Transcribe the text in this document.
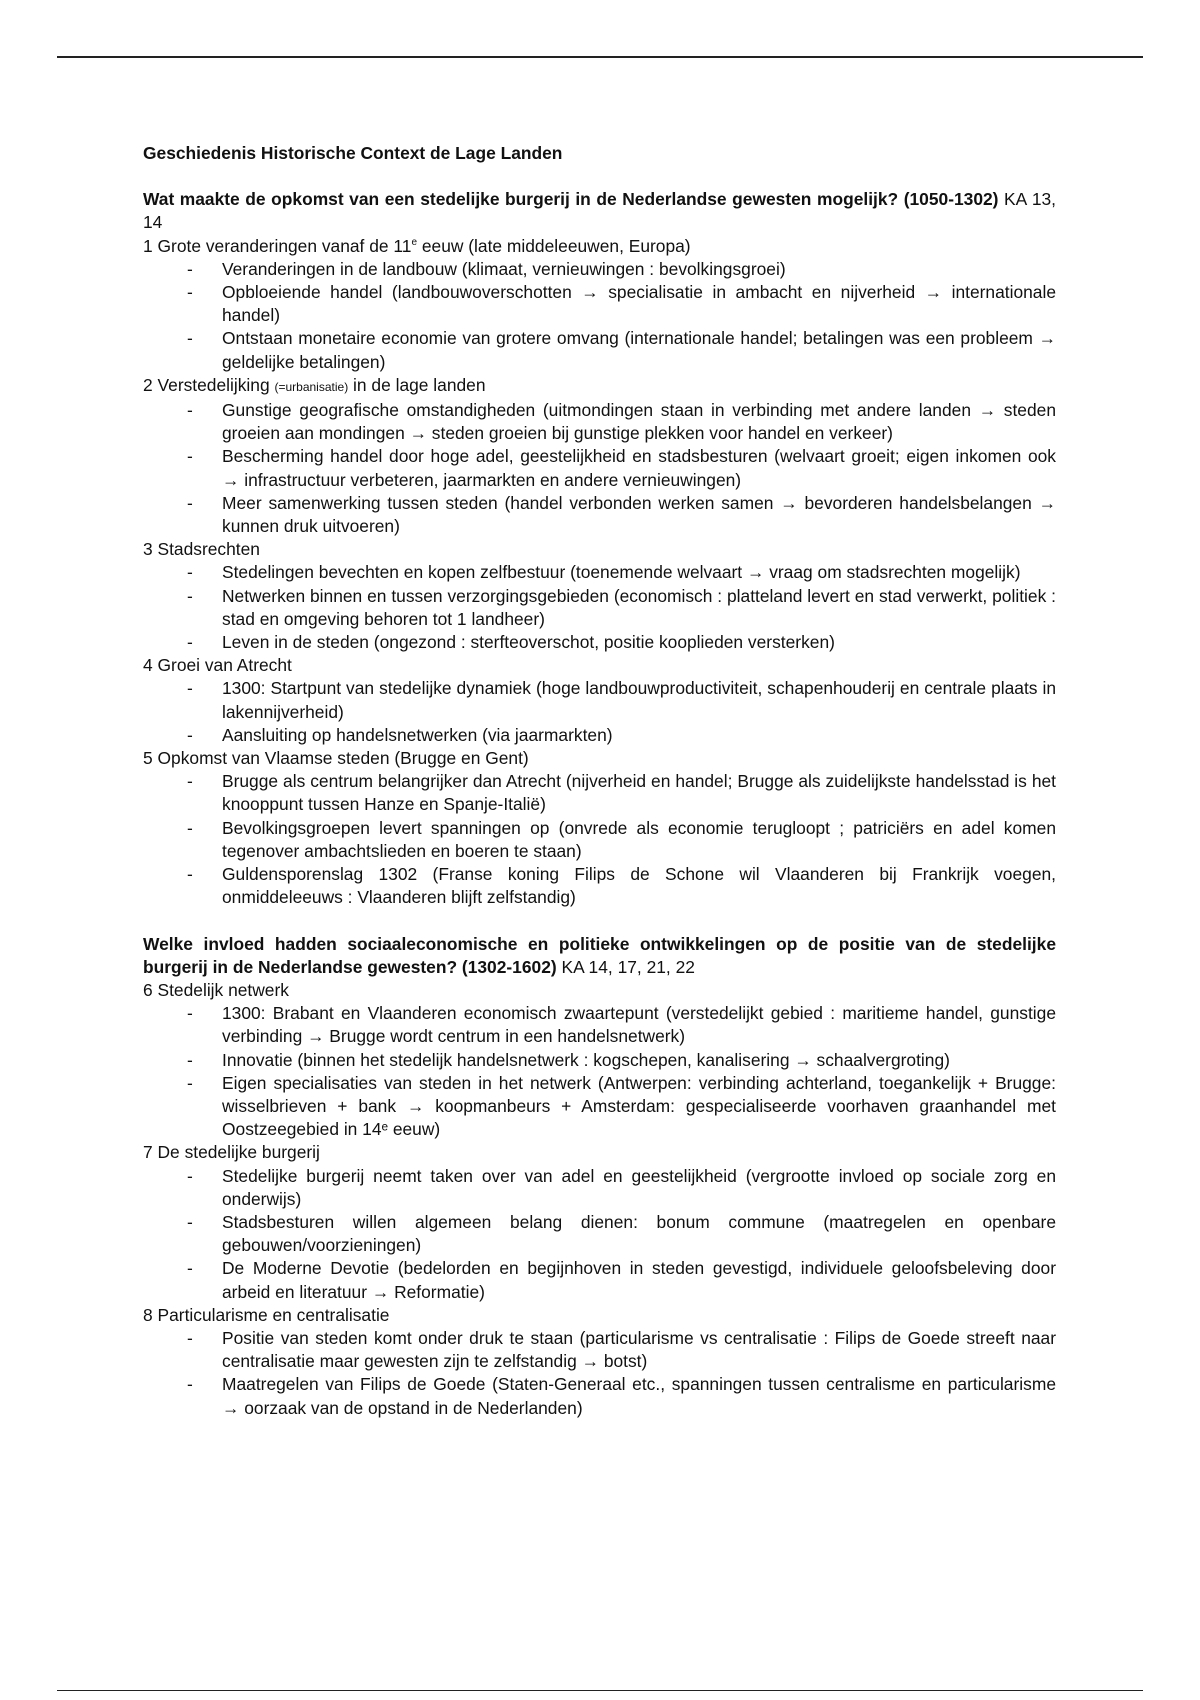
Geschiedenis Historische Context de Lage Landen

Wat maakte de opkomst van een stedelijke burgerij in de Nederlandse gewesten mogelijk? (1050-1302) KA 13, 14

1 Grote veranderingen vanaf de 11e eeuw (late middeleeuwen, Europa)

- Veranderingen in de landbouw (klimaat, vernieuwingen : bevolkingsgroei)
- Opbloeiende handel (landbouwoverschotten → specialisatie in ambacht en nijverheid → internationale handel)
- Ontstaan monetaire economie van grotere omvang (internationale handel; betalingen was een probleem → geldelijke betalingen)

2 Verstedelijking (=urbanisatie) in de lage landen

- Gunstige geografische omstandigheden (uitmondingen staan in verbinding met andere landen → steden groeien aan mondingen → steden groeien bij gunstige plekken voor handel en verkeer)
- Bescherming handel door hoge adel, geestelijkheid en stadsbesturen (welvaart groeit; eigen inkomen ook → infrastructuur verbeteren, jaarmarkten en andere vernieuwingen)
- Meer samenwerking tussen steden (handel verbonden werken samen → bevorderen handelsbelangen → kunnen druk uitvoeren)

3 Stadsrechten

- Stedelingen bevechten en kopen zelfbestuur (toenemende welvaart → vraag om stadsrechten mogelijk)
- Netwerken binnen en tussen verzorgingsgebieden (economisch : platteland levert en stad verwerkt, politiek : stad en omgeving behoren tot 1 landheer)
- Leven in de steden (ongezond : sterfteoverschot, positie kooplieden versterken)

4 Groei van Atrecht

- 1300: Startpunt van stedelijke dynamiek (hoge landbouwproductiviteit, schapenhouderij en centrale plaats in lakennijverheid)
- Aansluiting op handelsnetwerken (via jaarmarkten)

5 Opkomst van Vlaamse steden (Brugge en Gent)

- Brugge als centrum belangrijker dan Atrecht (nijverheid en handel; Brugge als zuidelijkste handelsstad is het knooppunt tussen Hanze en Spanje-Italië)
- Bevolkingsgroepen levert spanningen op (onvrede als economie terugloopt ; patriciërs en adel komen tegenover ambachtslieden en boeren te staan)
- Guldensporenslag 1302 (Franse koning Filips de Schone wil Vlaanderen bij Frankrijk voegen, onmiddeleeuws : Vlaanderen blijft zelfstandig)

Welke invloed hadden sociaaleconomische en politieke ontwikkelingen op de positie van de stedelijke burgerij in de Nederlandse gewesten? (1302-1602) KA 14, 17, 21, 22

6 Stedelijk netwerk

- 1300: Brabant en Vlaanderen economisch zwaartepunt (verstedelijkt gebied : maritieme handel, gunstige verbinding → Brugge wordt centrum in een handelsnetwerk)
- Innovatie (binnen het stedelijk handelsnetwerk : kogschepen, kanalisering → schaalvergroting)
- Eigen specialisaties van steden in het netwerk (Antwerpen: verbinding achterland, toegankelijk + Brugge: wisselbrieven + bank → koopmanbeurs + Amsterdam: gespecialiseerde voorhaven graanhandel met Oostzeegebied in 14ᵉ eeuw)

7 De stedelijke burgerij

- Stedelijke burgerij neemt taken over van adel en geestelijkheid (vergrootte invloed op sociale zorg en onderwijs)
- Stadsbesturen willen algemeen belang dienen: bonum commune (maatregelen en openbare gebouwen/voorzieningen)
- De Moderne Devotie (bedelorden en begijnhoven in steden gevestigd, individuele geloofsbeleving door arbeid en literatuur → Reformatie)

8 Particularisme en centralisatie

- Positie van steden komt onder druk te staan (particularisme vs centralisatie : Filips de Goede streeft naar centralisatie maar gewesten zijn te zelfstandig → botst)
- Maatregelen van Filips de Goede (Staten-Generaal etc., spanningen tussen centralisme en particularisme → oorzaak van de opstand in de Nederlanden)
